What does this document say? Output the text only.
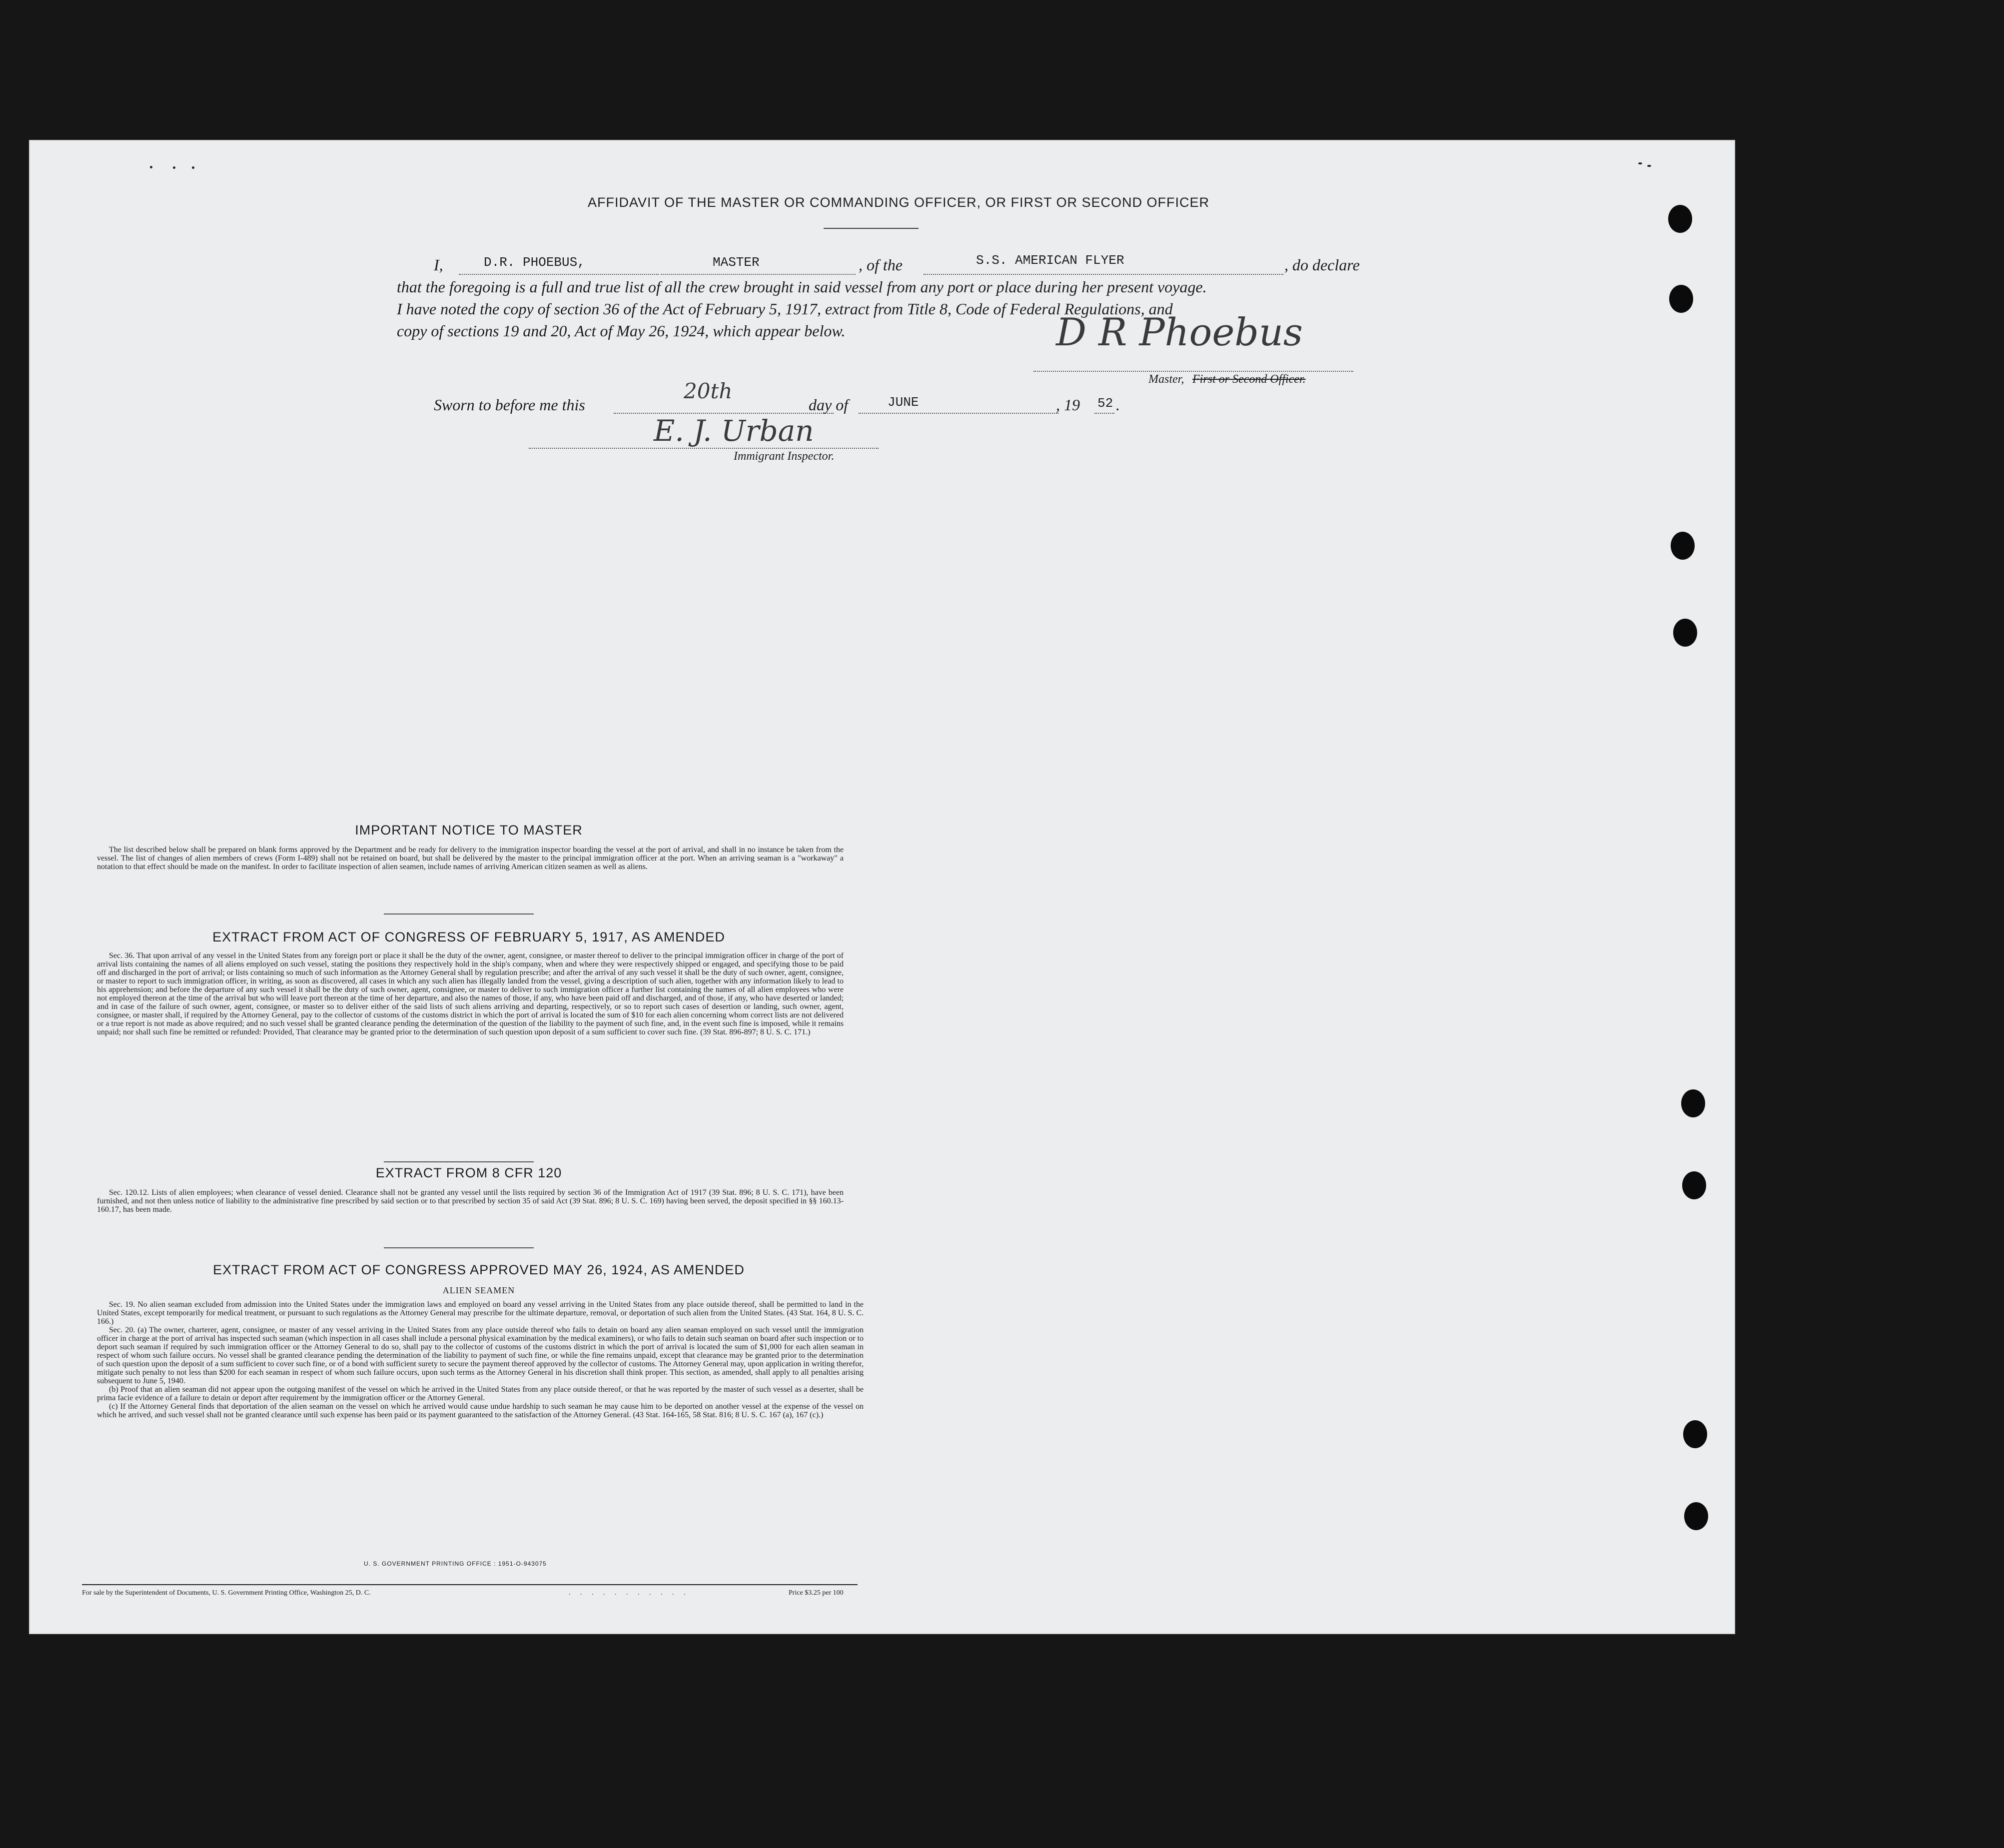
AFFIDAVIT OF THE MASTER OR COMMANDING OFFICER, OR FIRST OR SECOND OFFICER
I,	D.R. PHOEBUS,	MASTER	, of the	S.S. AMERICAN FLYER	, do declare
that the foregoing is a full and true list of all the crew brought in said vessel from any port or place during her present voyage.
I have noted the copy of section 36 of the Act of February 5, 1917, extract from Title 8, Code of Federal Regulations, and
copy of sections 19 and 20, Act of May 26, 1924, which appear below.	D R Phoebus
Master, First or Second Officer.
Sworn to before me this
20th
day of	JUNE	, 19 52 .
E. J. Urban
Immigrant Inspector.
IMPORTANT NOTICE TO MASTER

The list described below shall be prepared on blank forms approved by the Department and be ready for delivery to the immigration inspector boarding the vessel at the port of arrival, and shall in no instance be taken from the vessel. The list of changes of alien members of crews (Form I-489) shall not be retained on board, but shall be delivered by the master to the principal immigration officer at the port. When an arriving seaman is a "workaway" a notation to that effect should be made on the manifest. In order to facilitate inspection of alien seamen, include names of arriving American citizen seamen as well as aliens.

EXTRACT FROM ACT OF CONGRESS OF FEBRUARY 5, 1917, AS AMENDED

Sec. 36. That upon arrival of any vessel in the United States from any foreign port or place it shall be the duty of the owner, agent, consignee, or master thereof to deliver to the principal immigration officer in charge of the port of arrival lists containing the names of all aliens employed on such vessel, stating the positions they respectively hold in the ship's company, when and where they were respectively shipped or engaged, and specifying those to be paid off and discharged in the port of arrival; or lists containing so much of such information as the Attorney General shall by regulation prescribe; and after the arrival of any such vessel it shall be the duty of such owner, agent, consignee, or master to report to such immigration officer, in writing, as soon as discovered, all cases in which any such alien has illegally landed from the vessel, giving a description of such alien, together with any information likely to lead to his apprehension; and before the departure of any such vessel it shall be the duty of such owner, agent, consignee, or master to deliver to such immigration officer a further list containing the names of all alien employees who were not employed thereon at the time of the arrival but who will leave port thereon at the time of her departure, and also the names of those, if any, who have been paid off and discharged, and of those, if any, who have deserted or landed; and in case of the failure of such owner, agent, consignee, or master so to deliver either of the said lists of such aliens arriving and departing, respectively, or so to report such cases of desertion or landing, such owner, agent, consignee, or master shall, if required by the Attorney General, pay to the collector of customs of the customs district in which the port of arrival is located the sum of $10 for each alien concerning whom correct lists are not delivered or a true report is not made as above required; and no such vessel shall be granted clearance pending the determination of the question of the liability to the payment of such fine, and, in the event such fine is imposed, while it remains unpaid; nor shall such fine be remitted or refunded: Provided, That clearance may be granted prior to the determination of such question upon deposit of a sum sufficient to cover such fine. (39 Stat. 896-897; 8 U. S. C. 171.)

EXTRACT FROM 8 CFR 120

Sec. 120.12. Lists of alien employees; when clearance of vessel denied. Clearance shall not be granted any vessel until the lists required by section 36 of the Immigration Act of 1917 (39 Stat. 896; 8 U. S. C. 171), have been furnished, and not then unless notice of liability to the administrative fine prescribed by said section or to that prescribed by section 35 of said Act (39 Stat. 896; 8 U. S. C. 169) having been served, the deposit specified in §§ 160.13-160.17, has been made.

EXTRACT FROM ACT OF CONGRESS APPROVED MAY 26, 1924, AS AMENDED
ALIEN SEAMEN

Sec. 19. No alien seaman excluded from admission into the United States under the immigration laws and employed on board any vessel arriving in the United States from any place outside thereof, shall be permitted to land in the United States, except temporarily for medical treatment, or pursuant to such regulations as the Attorney General may prescribe for the ultimate departure, removal, or deportation of such alien from the United States. (43 Stat. 164, 8 U. S. C. 166.)

Sec. 20. (a) The owner, charterer, agent, consignee, or master of any vessel arriving in the United States from any place outside thereof who fails to detain on board any alien seaman employed on such vessel until the immigration officer in charge at the port of arrival has inspected such seaman (which inspection in all cases shall include a personal physical examination by the medical examiners), or who fails to detain such seaman on board after such inspection or to deport such seaman if required by such immigration officer or the Attorney General to do so, shall pay to the collector of customs of the customs district in which the port of arrival is located the sum of $1,000 for each alien seaman in respect of whom such failure occurs. No vessel shall be granted clearance pending the determination of the liability to payment of such fine, or while the fine remains unpaid, except that clearance may be granted prior to the determination of such question upon the deposit of a sum sufficient to cover such fine, or of a bond with sufficient surety to secure the payment thereof approved by the collector of customs. The Attorney General may, upon application in writing therefor, mitigate such penalty to not less than $200 for each seaman in respect of whom such failure occurs, upon such terms as the Attorney General in his discretion shall think proper. This section, as amended, shall apply to all penalties arising subsequent to June 5, 1940.

(b) Proof that an alien seaman did not appear upon the outgoing manifest of the vessel on which he arrived in the United States from any place outside thereof, or that he was reported by the master of such vessel as a deserter, shall be prima facie evidence of a failure to detain or deport after requirement by the immigration officer or the Attorney General.

(c) If the Attorney General finds that deportation of the alien seaman on the vessel on which he arrived would cause undue hardship to such seaman he may cause him to be deported on another vessel at the expense of the vessel on which he arrived, and such vessel shall not be granted clearance until such expense has been paid or its payment guaranteed to the satisfaction of the Attorney General. (43 Stat. 164-165, 58 Stat. 816; 8 U. S. C. 167 (a), 167 (c).)

U. S. GOVERNMENT PRINTING OFFICE : 1951-O-943075
For sale by the Superintendent of Documents, U. S. Government Printing Office, Washington 25, D. C.	. . . . . . . . . . .	Price $3.25 per 100
